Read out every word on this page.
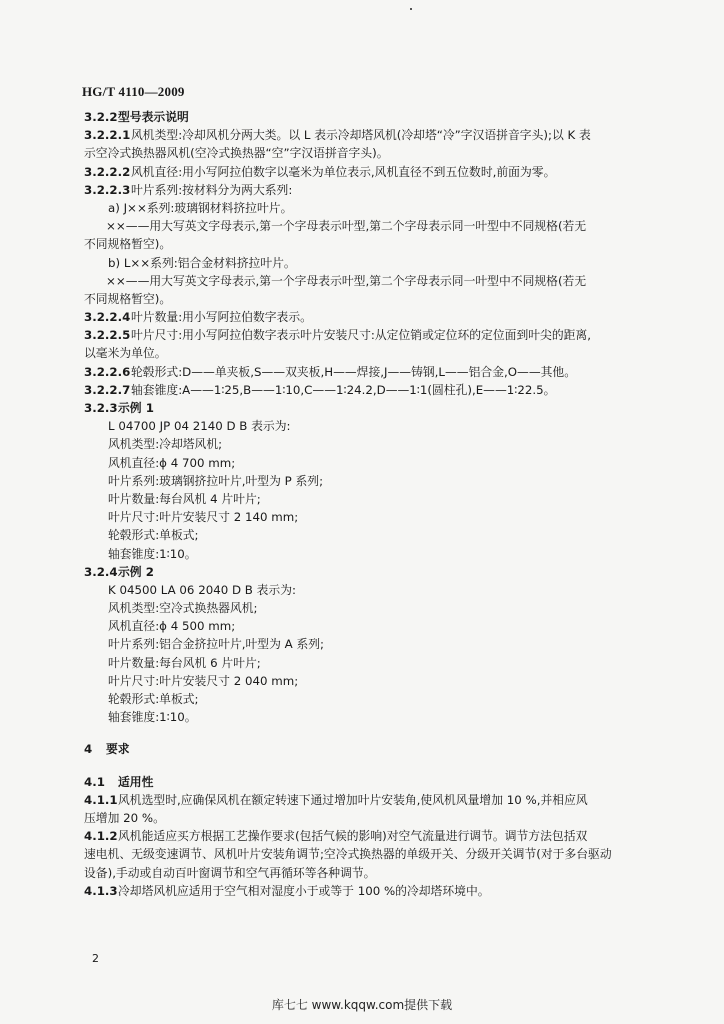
HG/T 4110—2009
3.2.2型号表示说明
3.2.2.1风机类型:冷却风机分两大类。以 L 表示冷却塔风机(冷却塔“冷”字汉语拼音字头);以 K 表
示空冷式换热器风机(空冷式换热器“空”字汉语拼音字头)。
3.2.2.2风机直径:用小写阿拉伯数字以毫米为单位表示,风机直径不到五位数时,前面为零。
3.2.2.3叶片系列:按材料分为两大系列:
a) J××系列:玻璃钢材料挤拉叶片。
××——用大写英文字母表示,第一个字母表示叶型,第二个字母表示同一叶型中不同规格(若无
不同规格暂空)。
b) L××系列:铝合金材料挤拉叶片。
××——用大写英文字母表示,第一个字母表示叶型,第二个字母表示同一叶型中不同规格(若无
不同规格暂空)。
3.2.2.4叶片数量:用小写阿拉伯数字表示。
3.2.2.5叶片尺寸:用小写阿拉伯数字表示叶片安装尺寸:从定位销或定位环的定位面到叶尖的距离,
以毫米为单位。
3.2.2.6轮毂形式:D——单夹板,S——双夹板,H——焊接,J——铸钢,L——铝合金,O——其他。
3.2.2.7轴套锥度:A——1∶25,B——1∶10,C——1∶24.2,D——1∶1(圆柱孔),E——1∶22.5。
3.2.3示例 1
L 04700 JP 04 2140 D B 表示为:
风机类型:冷却塔风机;
风机直径:ϕ 4 700 mm;
叶片系列:玻璃钢挤拉叶片,叶型为 P 系列;
叶片数量:每台风机 4 片叶片;
叶片尺寸:叶片安装尺寸 2 140 mm;
轮毂形式:单板式;
轴套锥度:1∶10。
3.2.4示例 2
K 04500 LA 06 2040 D B 表示为:
风机类型:空冷式换热器风机;
风机直径:ϕ 4 500 mm;
叶片系列:铝合金挤拉叶片,叶型为 A 系列;
叶片数量:每台风机 6 片叶片;
叶片尺寸:叶片安装尺寸 2 040 mm;
轮毂形式:单板式;
轴套锥度:1∶10。
4 要求
4.1 适用性
4.1.1风机选型时,应确保风机在额定转速下通过增加叶片安装角,使风机风量增加 10 %,并相应风
压增加 20 %。
4.1.2风机能适应买方根据工艺操作要求(包括气候的影响)对空气流量进行调节。调节方法包括双
速电机、无级变速调节、风机叶片安装角调节;空冷式换热器的单级开关、分级开关调节(对于多台驱动
设备),手动或自动百叶窗调节和空气再循环等各种调节。
4.1.3冷却塔风机应适用于空气相对湿度小于或等于 100 %的冷却塔环境中。
2
库七七 www.kqqw.com提供下载
